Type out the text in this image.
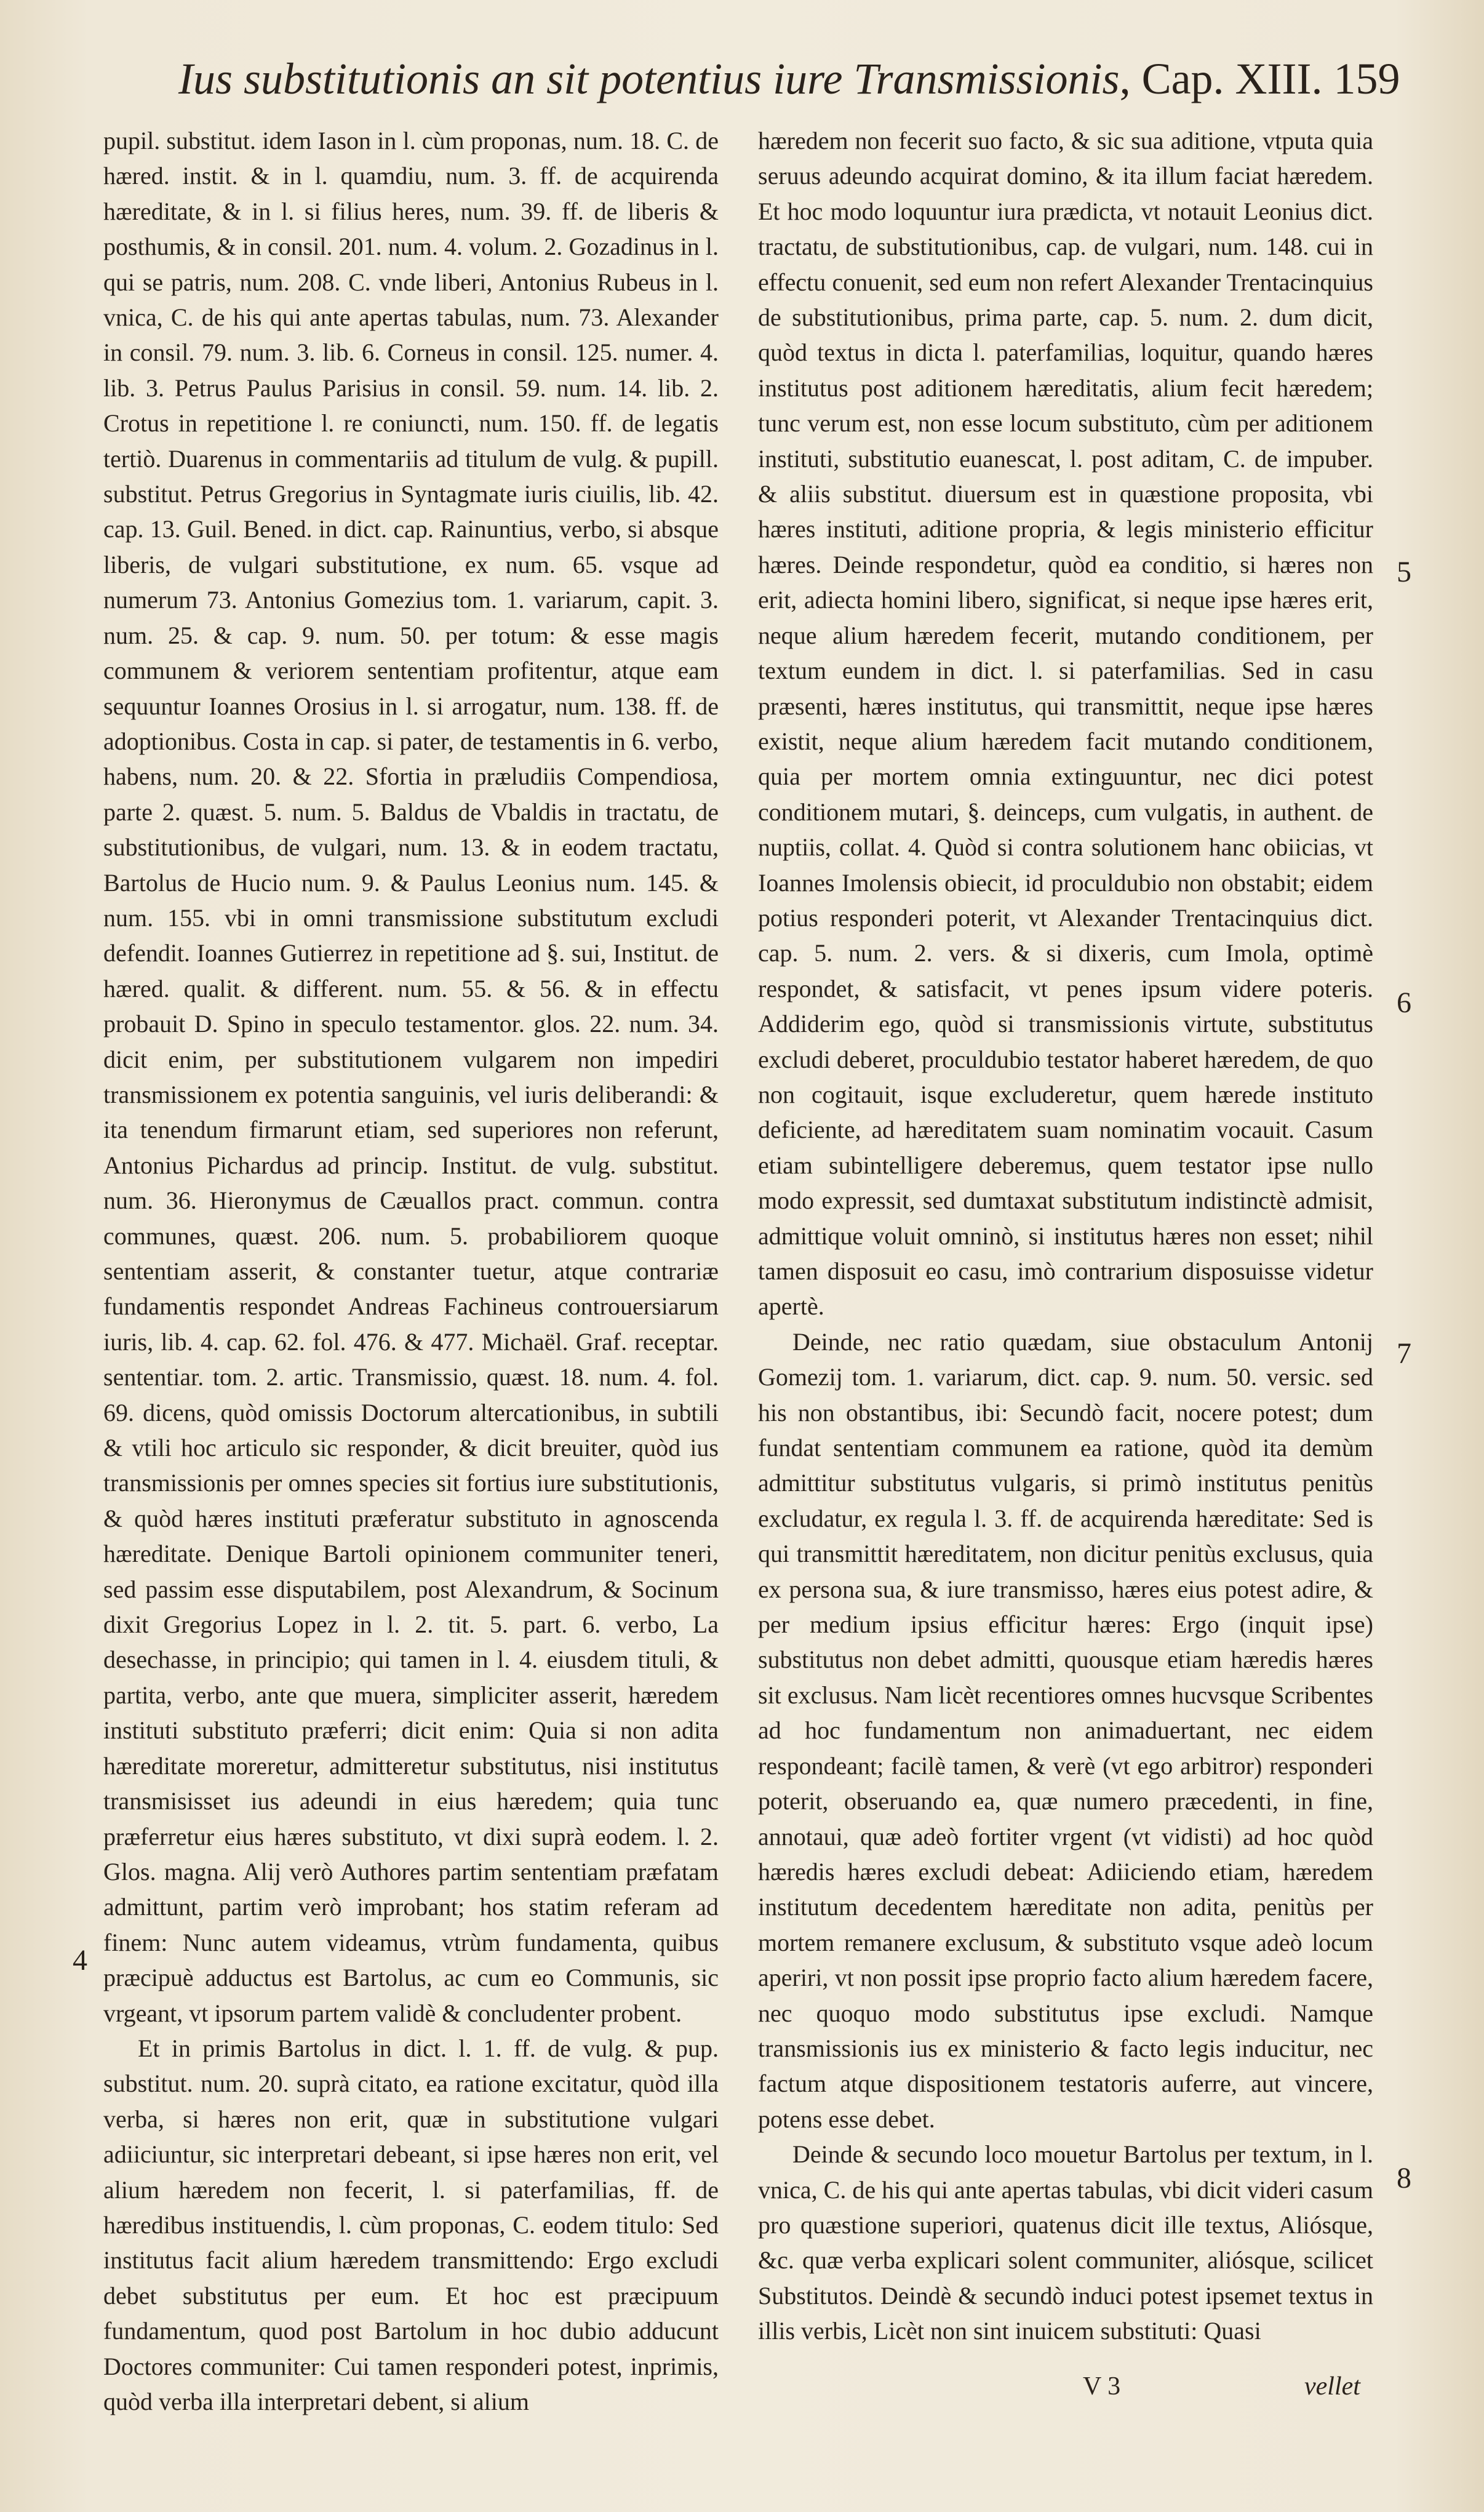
Ius substitutionis an sit potentius iure Transmissionis, Cap. XIII. 159

pupil. substitut. idem Iason in l. cùm proponas, num. 18. C. de hæred. instit. & in l. quamdiu, num. 3. ff. de acquirenda hæreditate, & in l. si filius heres, num. 39. ff. de liberis & posthumis, & in consil. 201. num. 4. volum. 2. Gozadinus in l. qui se patris, num. 208. C. vnde liberi, Antonius Rubeus in l. vnica, C. de his qui ante apertas tabulas, num. 73. Alexander in consil. 79. num. 3. lib. 6. Corneus in consil. 125. numer. 4. lib. 3. Petrus Paulus Parisius in consil. 59. num. 14. lib. 2. Crotus in repetitione l. re coniuncti, num. 150. ff. de legatis tertiò. Duarenus in commentariis ad titulum de vulg. & pupill. substitut. Petrus Gregorius in Syntagmate iuris ciuilis, lib. 42. cap. 13. Guil. Bened. in dict. cap. Rainuntius, verbo, si absque liberis, de vulgari substitutione, ex num. 65. vsque ad numerum 73. Antonius Gomezius tom. 1. variarum, capit. 3. num. 25. & cap. 9. num. 50. per totum: & esse magis communem & veriorem sententiam profitentur, atque eam sequuntur Ioannes Orosius in l. si arrogatur, num. 138. ff. de adoptionibus. Costa in cap. si pater, de testamentis in 6. verbo, habens, num. 20. & 22. Sfortia in præludiis Compendiosa, parte 2. quæst. 5. num. 5. Baldus de Vbaldis in tractatu, de substitutionibus, de vulgari, num. 13. & in eodem tractatu, Bartolus de Hucio num. 9. & Paulus Leonius num. 145. & num. 155. vbi in omni transmissione substitutum excludi defendit. Ioannes Gutierrez in repetitione ad §. sui, Institut. de hæred. qualit. & different. num. 55. & 56. & in effectu probauit D. Spino in speculo testamentor. glos. 22. num. 34. dicit enim, per substitutionem vulgarem non impediri transmissionem ex potentia sanguinis, vel iuris deliberandi: & ita tenendum firmarunt etiam, sed superiores non referunt, Antonius Pichardus ad princip. Institut. de vulg. substitut. num. 36. Hieronymus de Cæuallos pract. commun. contra communes, quæst. 206. num. 5. probabiliorem quoque sententiam asserit, & constanter tuetur, atque contrariæ fundamentis respondet Andreas Fachineus controuersiarum iuris, lib. 4. cap. 62. fol. 476. & 477. Michaël. Graf. receptar. sententiar. tom. 2. artic. Transmissio, quæst. 18. num. 4. fol. 69. dicens, quòd omissis Doctorum altercationibus, in subtili & vtili hoc articulo sic responder, & dicit breuiter, quòd ius transmissionis per omnes species sit fortius iure substitutionis, & quòd hæres instituti præferatur substituto in agnoscenda hæreditate. Denique Bartoli opinionem communiter teneri, sed passim esse disputabilem, post Alexandrum, & Socinum dixit Gregorius Lopez in l. 2. tit. 5. part. 6. verbo, La desechasse, in principio; qui tamen in l. 4. eiusdem tituli, & partita, verbo, ante que muera, simpliciter asserit, hæredem instituti substituto præferri; dicit enim: Quia si non adita hæreditate moreretur, admitteretur substitutus, nisi institutus transmisisset ius adeundi in eius hæredem; quia tunc præferretur eius hæres substituto, vt dixi suprà eodem. l. 2. Glos. magna. Alij verò Authores partim sententiam præfatam admittunt, partim verò improbant; hos statim referam ad finem: Nunc autem videamus, vtrùm fundamenta, quibus præcipuè adductus est Bartolus, ac cum eo Communis, sic vrgeant, vt ipsorum partem validè & concludenter probent.

Et in primis Bartolus in dict. l. 1. ff. de vulg. & pup. substitut. num. 20. suprà citato, ea ratione excitatur, quòd illa verba, si hæres non erit, quæ in substitutione vulgari adiiciuntur, sic interpretari debeant, si ipse hæres non erit, vel alium hæredem non fecerit, l. si paterfamilias, ff. de hæredibus instituendis, l. cùm proponas, C. eodem titulo: Sed institutus facit alium hæredem transmittendo: Ergo excludi debet substitutus per eum. Et hoc est præcipuum fundamentum, quod post Bartolum in hoc dubio adducunt Doctores communiter: Cui tamen responderi potest, inprimis, quòd verba illa interpretari debent, si alium

hæredem non fecerit suo facto, & sic sua aditione, vtputa quia seruus adeundo acquirat domino, & ita illum faciat hæredem. Et hoc modo loquuntur iura prædicta, vt notauit Leonius dict. tractatu, de substitutionibus, cap. de vulgari, num. 148. cui in effectu conuenit, sed eum non refert Alexander Trentacinquius de substitutionibus, prima parte, cap. 5. num. 2. dum dicit, quòd textus in dicta l. paterfamilias, loquitur, quando hæres institutus post aditionem hæreditatis, alium fecit hæredem; tunc verum est, non esse locum substituto, cùm per aditionem instituti, substitutio euanescat, l. post aditam, C. de impuber. & aliis substitut. diuersum est in quæstione proposita, vbi hæres instituti, aditione propria, & legis ministerio efficitur hæres. Deinde respondetur, quòd ea conditio, si hæres non erit, adiecta homini libero, significat, si neque ipse hæres erit, neque alium hæredem fecerit, mutando conditionem, per textum eundem in dict. l. si paterfamilias. Sed in casu præsenti, hæres institutus, qui transmittit, neque ipse hæres existit, neque alium hæredem facit mutando conditionem, quia per mortem omnia extinguuntur, nec dici potest conditionem mutari, §. deinceps, cum vulgatis, in authent. de nuptiis, collat. 4. Quòd si contra solutionem hanc obiicias, vt Ioannes Imolensis obiecit, id proculdubio non obstabit; eidem potius responderi poterit, vt Alexander Trentacinquius dict. cap. 5. num. 2. vers. & si dixeris, cum Imola, optimè respondet, & satisfacit, vt penes ipsum videre poteris. Addiderim ego, quòd si transmissionis virtute, substitutus excludi deberet, proculdubio testator haberet hæredem, de quo non cogitauit, isque excluderetur, quem hærede instituto deficiente, ad hæreditatem suam nominatim vocauit. Casum etiam subintelligere deberemus, quem testator ipse nullo modo expressit, sed dumtaxat substitutum indistinctè admisit, admittique voluit omninò, si institutus hæres non esset; nihil tamen disposuit eo casu, imò contrarium disposuisse videtur apertè.

Deinde, nec ratio quædam, siue obstaculum Antonij Gomezij tom. 1. variarum, dict. cap. 9. num. 50. versic. sed his non obstantibus, ibi: Secundò facit, nocere potest; dum fundat sententiam communem ea ratione, quòd ita demùm admittitur substitutus vulgaris, si primò institutus penitùs excludatur, ex regula l. 3. ff. de acquirenda hæreditate: Sed is qui transmittit hæreditatem, non dicitur penitùs exclusus, quia ex persona sua, & iure transmisso, hæres eius potest adire, & per medium ipsius efficitur hæres: Ergo (inquit ipse) substitutus non debet admitti, quousque etiam hæredis hæres sit exclusus. Nam licèt recentiores omnes hucvsque Scribentes ad hoc fundamentum non animaduertant, nec eidem respondeant; facilè tamen, & verè (vt ego arbitror) responderi poterit, obseruando ea, quæ numero præcedenti, in fine, annotaui, quæ adeò fortiter vrgent (vt vidisti) ad hoc quòd hæredis hæres excludi debeat: Adiiciendo etiam, hæredem institutum decedentem hæreditate non adita, penitùs per mortem remanere exclusum, & substituto vsque adeò locum aperiri, vt non possit ipse proprio facto alium hæredem facere, nec quoquo modo substitutus ipse excludi. Namque transmissionis ius ex ministerio & facto legis inducitur, nec factum atque dispositionem testatoris auferre, aut vincere, potens esse debet.

Deinde & secundo loco mouetur Bartolus per textum, in l. vnica, C. de his qui ante apertas tabulas, vbi dicit videri casum pro quæstione superiori, quatenus dicit ille textus, Aliósque, &c. quæ verba explicari solent communiter, aliósque, scilicet Substitutos. Deindè & secundò induci potest ipsemet textus in illis verbis, Licèt non sint inuicem substituti: Quasi

4
5
6
7
8
V 3	vellet
